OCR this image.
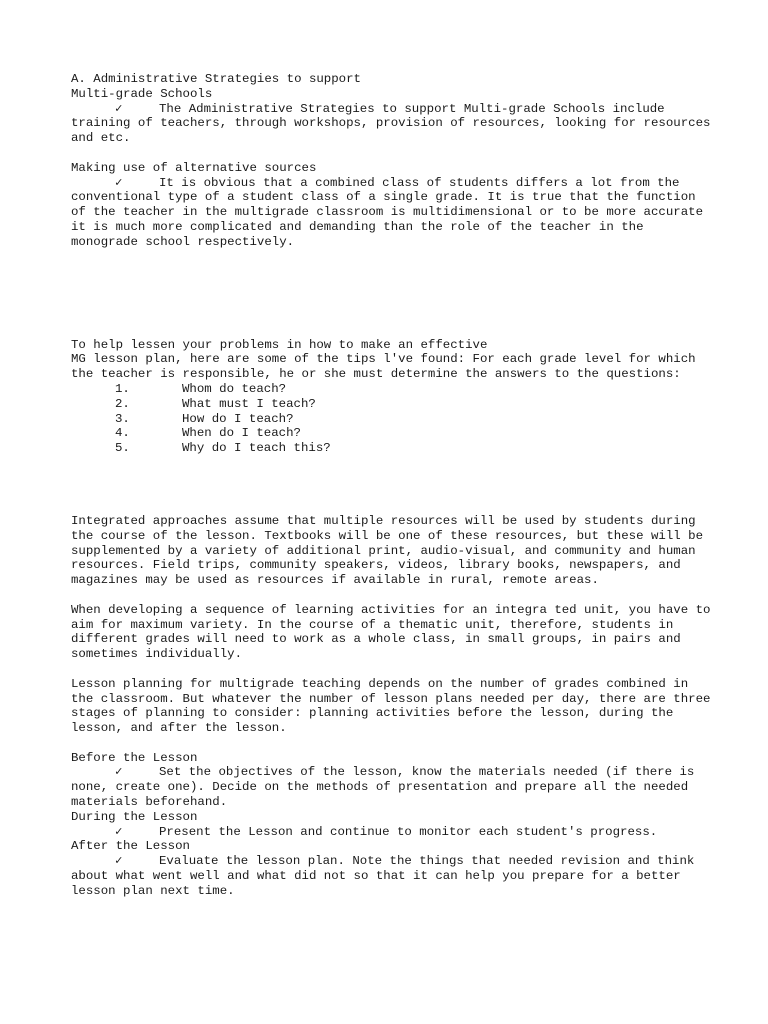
A. Administrative Strategies to support
Multi-grade Schools
✓	The Administrative Strategies to support Multi-grade Schools include training of teachers, through workshops, provision of resources, looking for resources and etc.
Making use of alternative sources
✓	It is obvious that a combined class of students differs a lot from the conventional type of a student class of a single grade. It is true that the function of the teacher in the multigrade classroom is multidimensional or to be more accurate it is much more complicated and demanding than the role of the teacher in the monograde school respectively.
To help lessen your problems in how to make an effective
MG lesson plan, here are some of the tips l've found: For each grade level for which the teacher is responsible, he or she must determine the answers to the questions:
1.	Whom do teach?
2.	What must I teach?
3.	How do I teach?
4.	When do I teach?
5.	Why do I teach this?
Integrated approaches assume that multiple resources will be used by students during the course of the lesson. Textbooks will be one of these resources, but these will be supplemented by a variety of additional print, audio-visual, and community and human resources. Field trips, community speakers, videos, library books, newspapers, and magazines may be used as resources if available in rural, remote areas.
When developing a sequence of learning activities for an integra ted unit, you have to aim for maximum variety. In the course of a thematic unit, therefore, students in different grades will need to work as a whole class, in small groups, in pairs and sometimes individually.
Lesson planning for multigrade teaching depends on the number of grades combined in the classroom. But whatever the number of lesson plans needed per day, there are three stages of planning to consider: planning activities before the lesson, during the lesson, and after the lesson.
Before the Lesson
✓	Set the objectives of the lesson, know the materials needed (if there is none, create one). Decide on the methods of presentation and prepare all the needed materials beforehand.
During the Lesson
✓	Present the Lesson and continue to monitor each student's progress.
After the Lesson
✓	Evaluate the lesson plan. Note the things that needed revision and think about what went well and what did not so that it can help you prepare for a better lesson plan next time.
